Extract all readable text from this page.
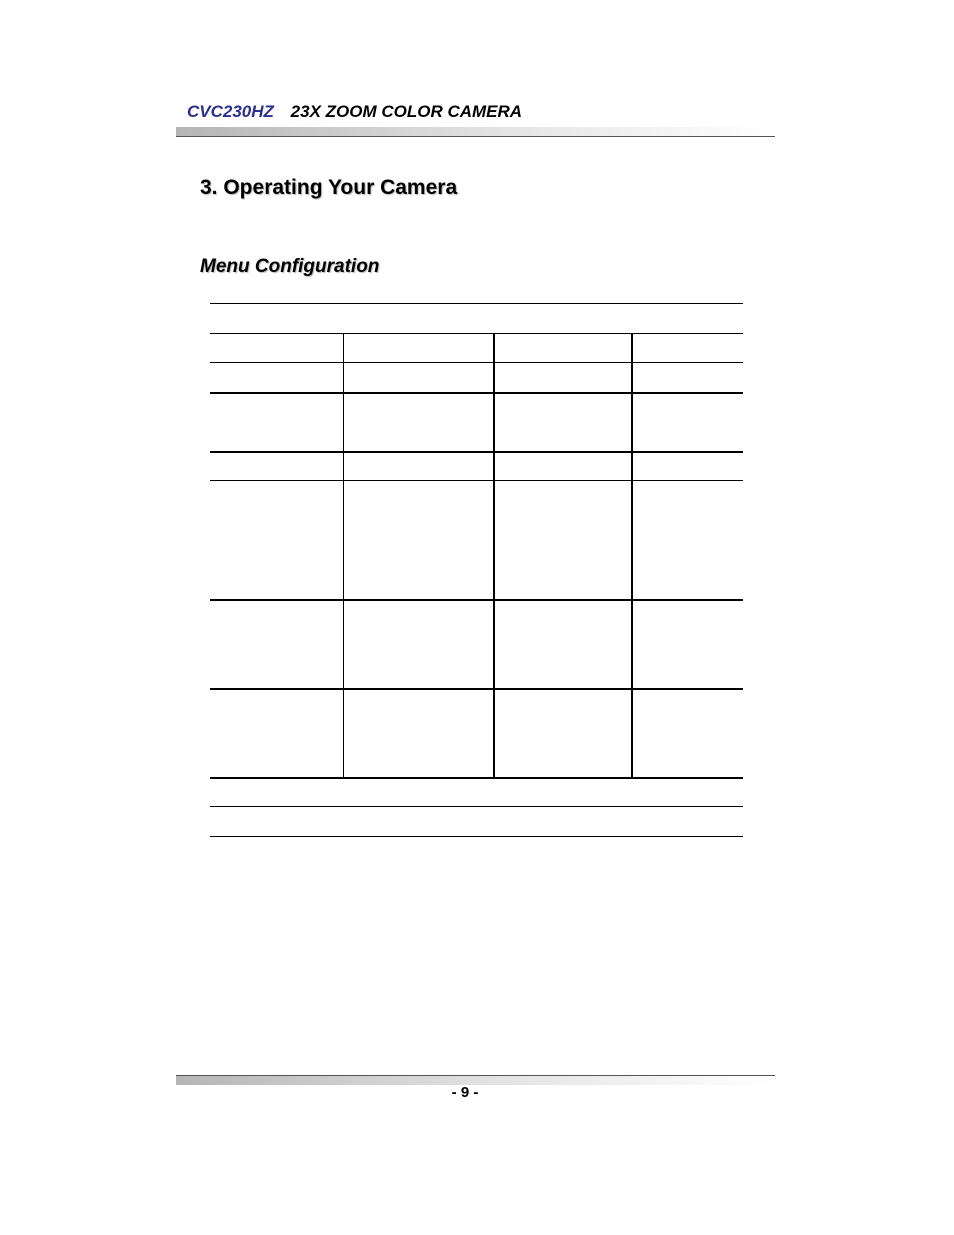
CVC230HZ 23X ZOOM COLOR CAMERA
3. Operating Your Camera
Menu Configuration
- 9 -
